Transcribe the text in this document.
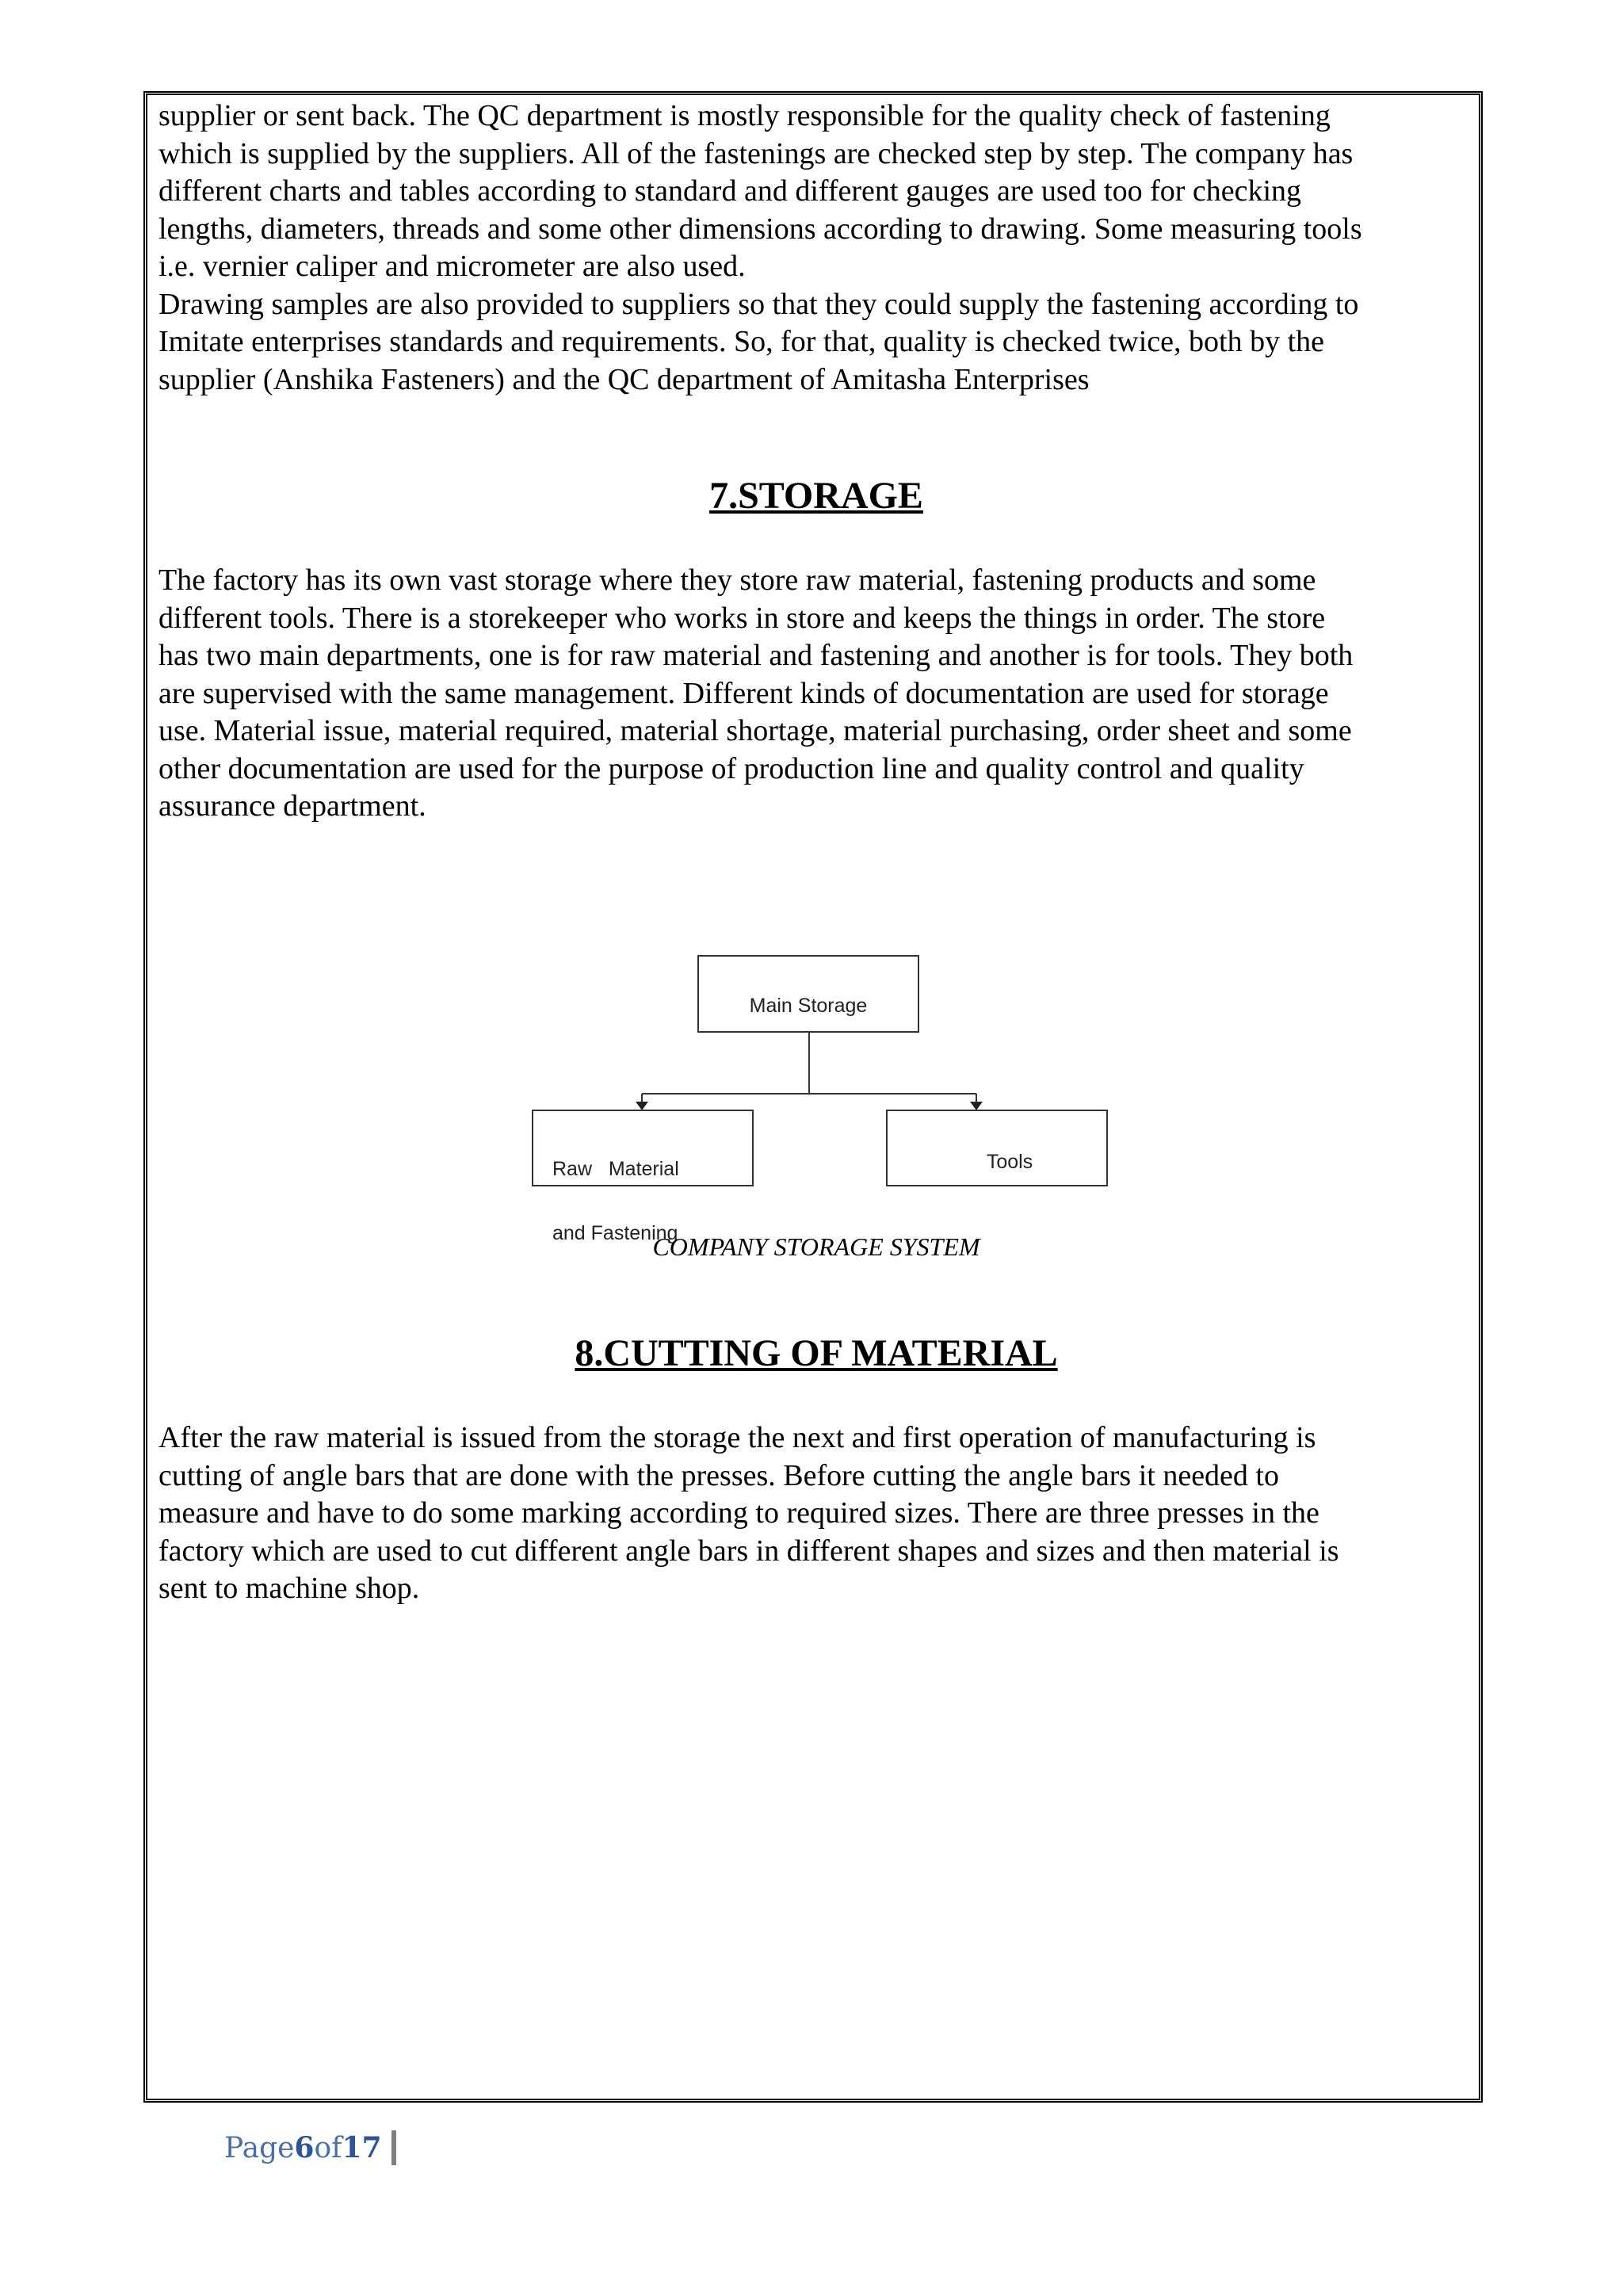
supplier or sent back. The QC department is mostly responsible for the quality check of fastening
which is supplied by the suppliers. All of the fastenings are checked step by step. The company has
different charts and tables according to standard and different gauges are used too for checking
lengths, diameters, threads and some other dimensions according to drawing. Some measuring tools
i.e. vernier caliper and micrometer are also used.
Drawing samples are also provided to suppliers so that they could supply the fastening according to
Imitate enterprises standards and requirements. So, for that, quality is checked twice, both by the
supplier (Anshika Fasteners) and the QC department of Amitasha Enterprises
7.STORAGE
The factory has its own vast storage where they store raw material, fastening products and some
different tools. There is a storekeeper who works in store and keeps the things in order. The store
has two main departments, one is for raw material and fastening and another is for tools. They both
are supervised with the same management. Different kinds of documentation are used for storage
use. Material issue, material required, material shortage, material purchasing, order sheet and some
other documentation are used for the purpose of production line and quality control and quality
assurance department.
Main Storage

Raw   Material

and Fastening

Tools
COMPANY STORAGE SYSTEM
8.CUTTING OF MATERIAL
After the raw material is issued from the storage the next and first operation of manufacturing is
cutting of angle bars that are done with the presses. Before cutting the angle bars it needed to
measure and have to do some marking according to required sizes. There are three presses in the
factory which are used to cut different angle bars in different shapes and sizes and then material is
sent to machine shop.
Page 6 of 17
